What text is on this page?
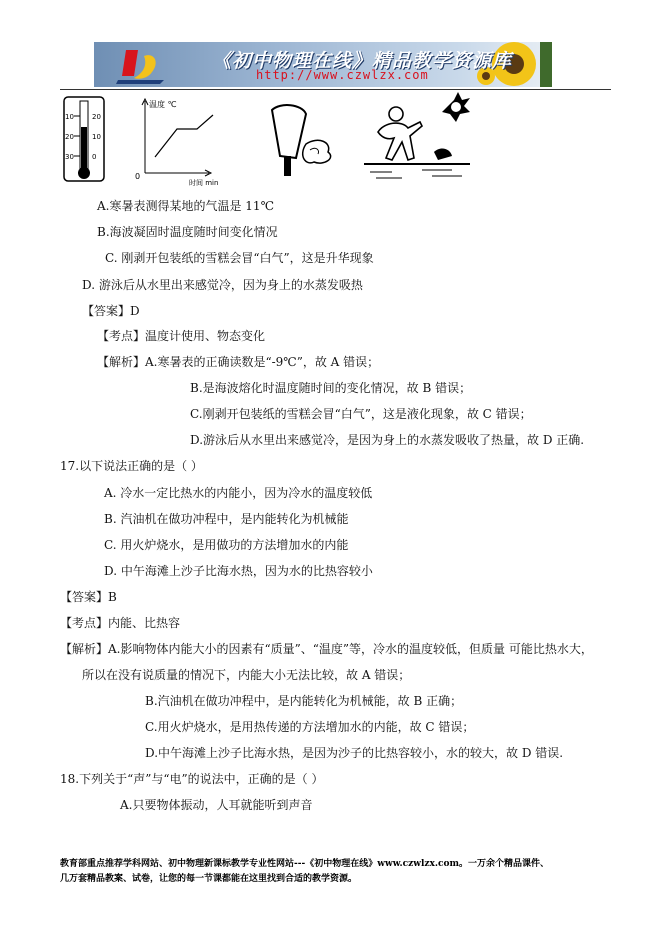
《初中物理在线》精品教学资源库
http://www.czwlzx.com
10
20
30
20
10
0
温度 ℃
0
时间 min
A.寒暑表测得某地的气温是 11℃
B.海波凝固时温度随时间变化情况
C. 刚剥开包装纸的雪糕会冒“白气”，这是升华现象
D. 游泳后从水里出来感觉冷，因为身上的水蒸发吸热
【答案】D
【考点】温度计使用、物态变化
【解析】A.寒暑表的正确读数是“-9℃”，故 A 错误；
B.是海波熔化时温度随时间的变化情况，故 B 错误；
C.刚剥开包装纸的雪糕会冒“白气”，这是液化现象，故 C 错误；
D.游泳后从水里出来感觉冷，是因为身上的水蒸发吸收了热量，故 D 正确.
17.以下说法正确的是（ ）
A. 冷水一定比热水的内能小，因为冷水的温度较低
B. 汽油机在做功冲程中，是内能转化为机械能
C. 用火炉烧水，是用做功的方法增加水的内能
D. 中午海滩上沙子比海水热，因为水的比热容较小
【答案】B
【考点】内能、比热容
【解析】A.影响物体内能大小的因素有“质量”、“温度”等，冷水的温度较低，但质量 可能比热水大，
所以在没有说质量的情况下，内能大小无法比较，故 A 错误；
B.汽油机在做功冲程中，是内能转化为机械能，故 B 正确；
C.用火炉烧水，是用热传递的方法增加水的内能，故 C 错误；
D.中午海滩上沙子比海水热，是因为沙子的比热容较小，水的较大，故 D 错误.
18.下列关于“声”与“电”的说法中，正确的是（ ）
A.只要物体振动，人耳就能听到声音
教育部重点推荐学科网站、初中物理新课标教学专业性网站---《初中物理在线》www.czwlzx.com。一万余个精品课件、
几万套精品教案、试卷，让您的每一节课都能在这里找到合适的教学资源。
